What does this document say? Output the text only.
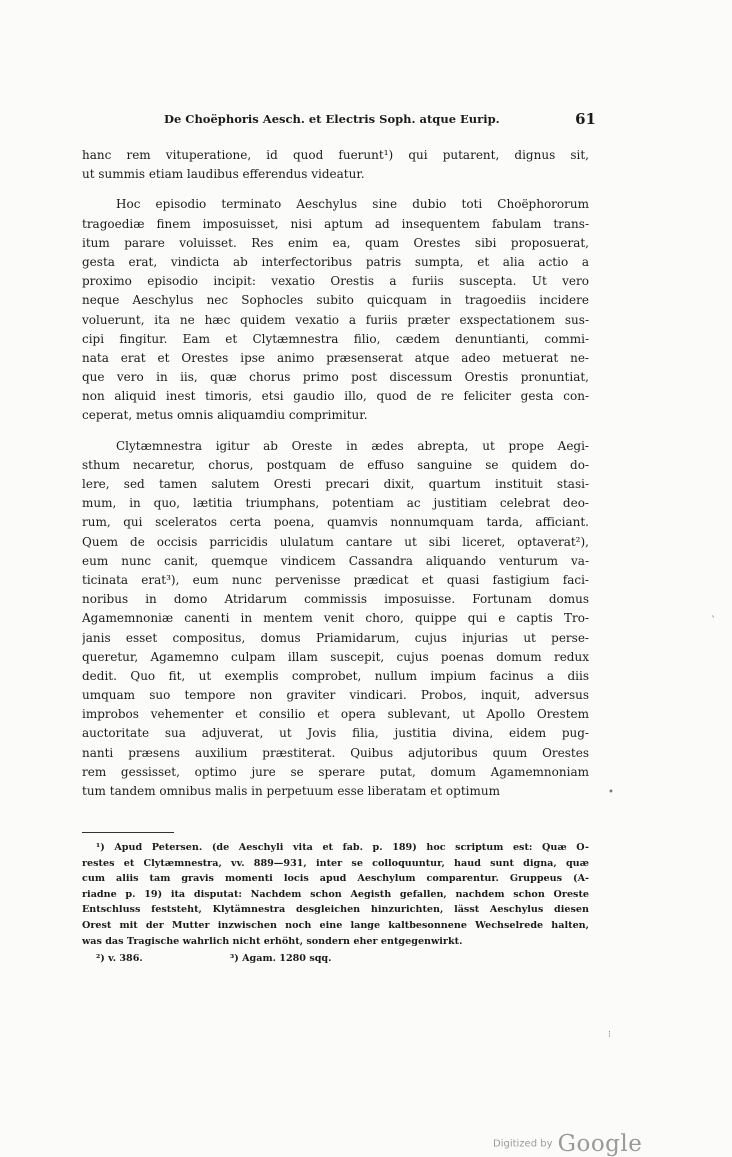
De Choëphoris Aesch. et Electris Soph. atque Eurip.	61
hanc rem vituperatione, id quod fuerunt¹) qui putarent, dignus sit,
ut summis etiam laudibus efferendus videatur.
Hoc episodio terminato Aeschylus sine dubio toti Choëphororum
tragoediæ finem imposuisset, nisi aptum ad insequentem fabulam trans-
itum parare voluisset. Res enim ea, quam Orestes sibi proposuerat,
gesta erat, vindicta ab interfectoribus patris sumpta, et alia actio a
proximo episodio incipit: vexatio Orestis a furiis suscepta. Ut vero
neque Aeschylus nec Sophocles subito quicquam in tragoediis incidere
voluerunt, ita ne hæc quidem vexatio a furiis præter exspectationem sus-
cipi fingitur. Eam et Clytæmnestra filio, cædem denuntianti, commi-
nata erat et Orestes ipse animo præsenserat atque adeo metuerat ne-
que vero in iis, quæ chorus primo post discessum Orestis pronuntiat,
non aliquid inest timoris, etsi gaudio illo, quod de re feliciter gesta con-
ceperat, metus omnis aliquamdiu comprimitur.
Clytæmnestra igitur ab Oreste in ædes abrepta, ut prope Aegi-
sthum necaretur, chorus, postquam de effuso sanguine se quidem do-
lere, sed tamen salutem Oresti precari dixit, quartum instituit stasi-
mum, in quo, lætitia triumphans, potentiam ac justitiam celebrat deo-
rum, qui sceleratos certa poena, quamvis nonnumquam tarda, afficiant.
Quem de occisis parricidis ululatum cantare ut sibi liceret, optaverat²),
eum nunc canit, quemque vindicem Cassandra aliquando venturum va-
ticinata erat³), eum nunc pervenisse prædicat et quasi fastigium faci-
noribus in domo Atridarum commissis imposuisse. Fortunam domus
Agamemnoniæ canenti in mentem venit choro, quippe qui e captis Tro-
janis esset compositus, domus Priamidarum, cujus injurias ut perse-
queretur, Agamemno culpam illam suscepit, cujus poenas domum redux
dedit. Quo fit, ut exemplis comprobet, nullum impium facinus a diis
umquam suo tempore non graviter vindicari. Probos, inquit, adversus
improbos vehementer et consilio et opera sublevant, ut Apollo Orestem
auctoritate sua adjuverat, ut Jovis filia, justitia divina, eidem pug-
nanti præsens auxilium præstiterat. Quibus adjutoribus quum Orestes
rem gessisset, optimo jure se sperare putat, domum Agamemnoniam
tum tandem omnibus malis in perpetuum esse liberatam et optimum
¹) Apud Petersen. (de Aeschyli vita et fab. p. 189) hoc scriptum est: Quæ O-
restes et Clytæmnestra, vv. 889—931, inter se colloquuntur, haud sunt digna, quæ
cum aliis tam gravis momenti locis apud Aeschylum comparentur. Gruppeus (A-
riadne p. 19) ita disputat: Nachdem schon Aegisth gefallen, nachdem schon Oreste
Entschluss feststeht, Klytämnestra desgleichen hinzurichten, lässt Aeschylus diesen
Orest mit der Mutter inzwischen noch eine lange kaltbesonnene Wechselrede halten,
was das Tragische wahrlich nicht erhöht, sondern eher entgegenwirkt.
²) v. 386.	³) Agam. 1280 sqq.
ˋ
•
⁝
Digitized by Google
